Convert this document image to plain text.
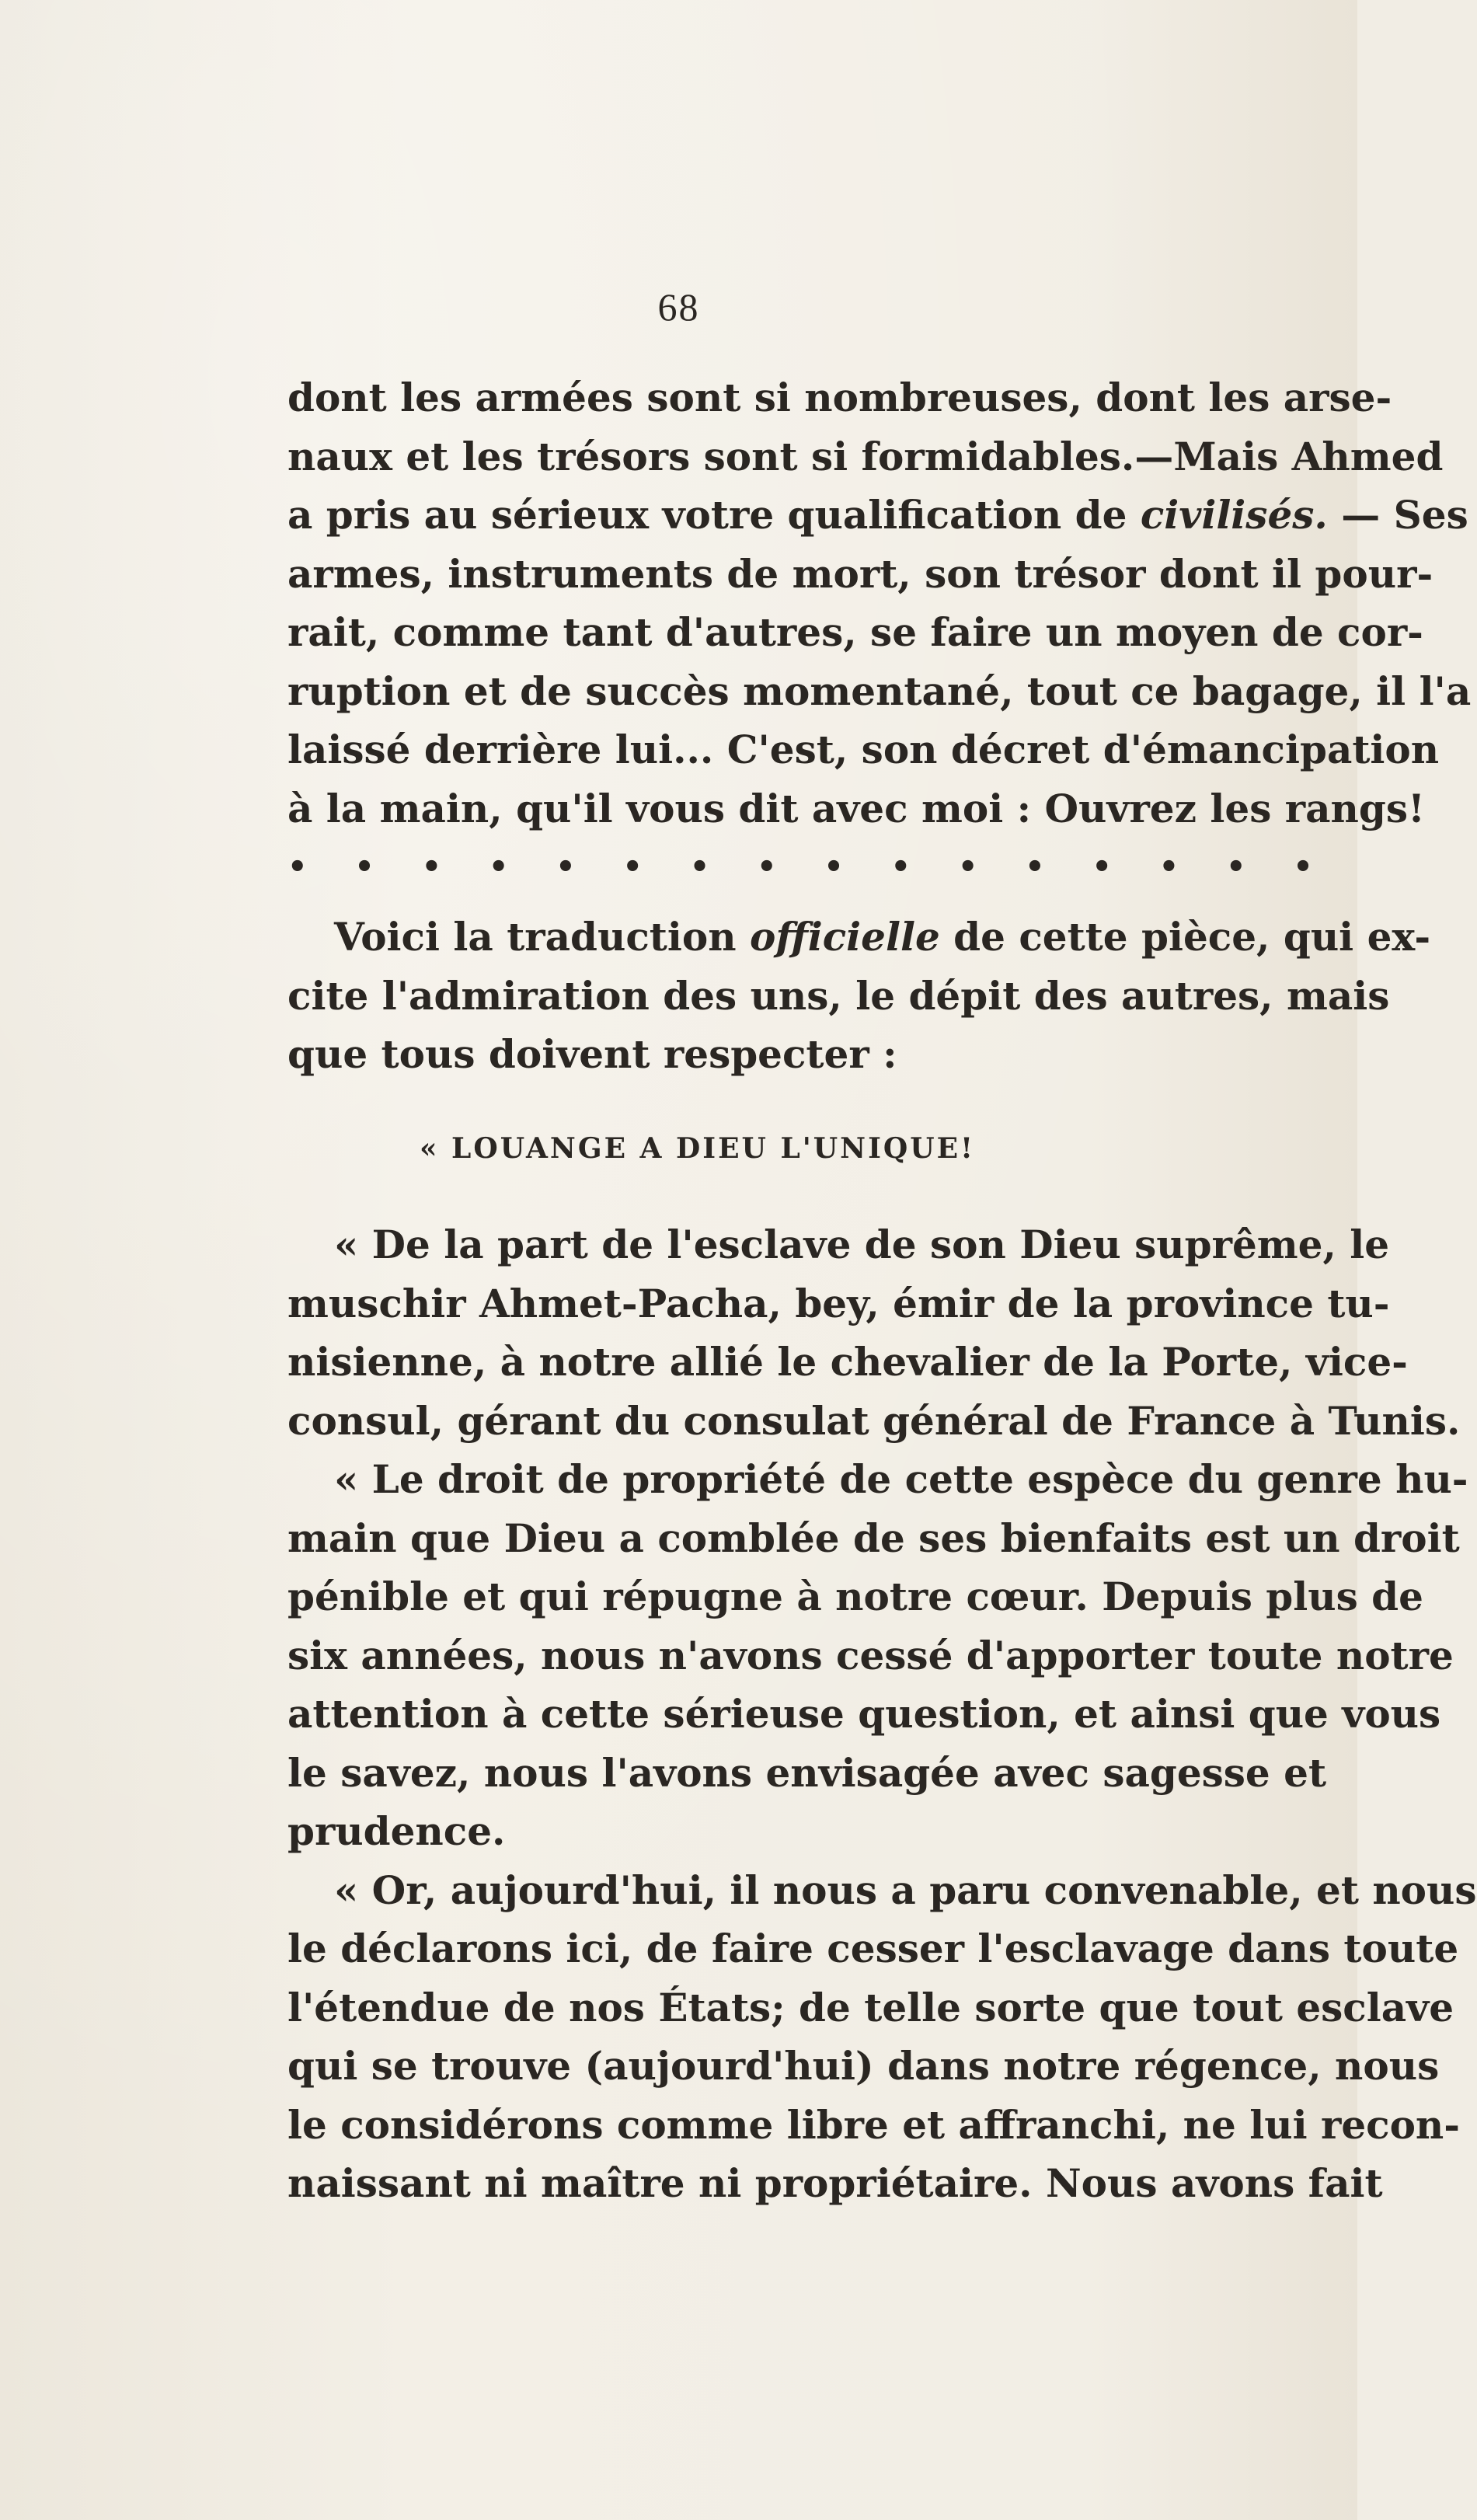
68
dont les armées sont si nombreuses, dont les arse-
naux et les trésors sont si formidables.—Mais Ahmed
a pris au sérieux votre qualification de civilisés. — Ses
armes, instruments de mort, son trésor dont il pour-
rait, comme tant d'autres, se faire un moyen de cor-
ruption et de succès momentané, tout ce bagage, il l'a
laissé derrière lui... C'est, son décret d'émancipation
à la main, qu'il vous dit avec moi : Ouvrez les rangs!
• • • • • • • • • • • • • • • •
Voici la traduction officielle de cette pièce, qui ex-
cite l'admiration des uns, le dépit des autres, mais
que tous doivent respecter :
« LOUANGE A DIEU L'UNIQUE!
« De la part de l'esclave de son Dieu suprême, le
muschir Ahmet-Pacha, bey, émir de la province tu-
nisienne, à notre allié le chevalier de la Porte, vice-
consul, gérant du consulat général de France à Tunis.
« Le droit de propriété de cette espèce du genre hu-
main que Dieu a comblée de ses bienfaits est un droit
pénible et qui répugne à notre cœur. Depuis plus de
six années, nous n'avons cessé d'apporter toute notre
attention à cette sérieuse question, et ainsi que vous
le savez, nous l'avons envisagée avec sagesse et
prudence.
« Or, aujourd'hui, il nous a paru convenable, et nous
le déclarons ici, de faire cesser l'esclavage dans toute
l'étendue de nos États; de telle sorte que tout esclave
qui se trouve (aujourd'hui) dans notre régence, nous
le considérons comme libre et affranchi, ne lui recon-
naissant ni maître ni propriétaire. Nous avons fait
